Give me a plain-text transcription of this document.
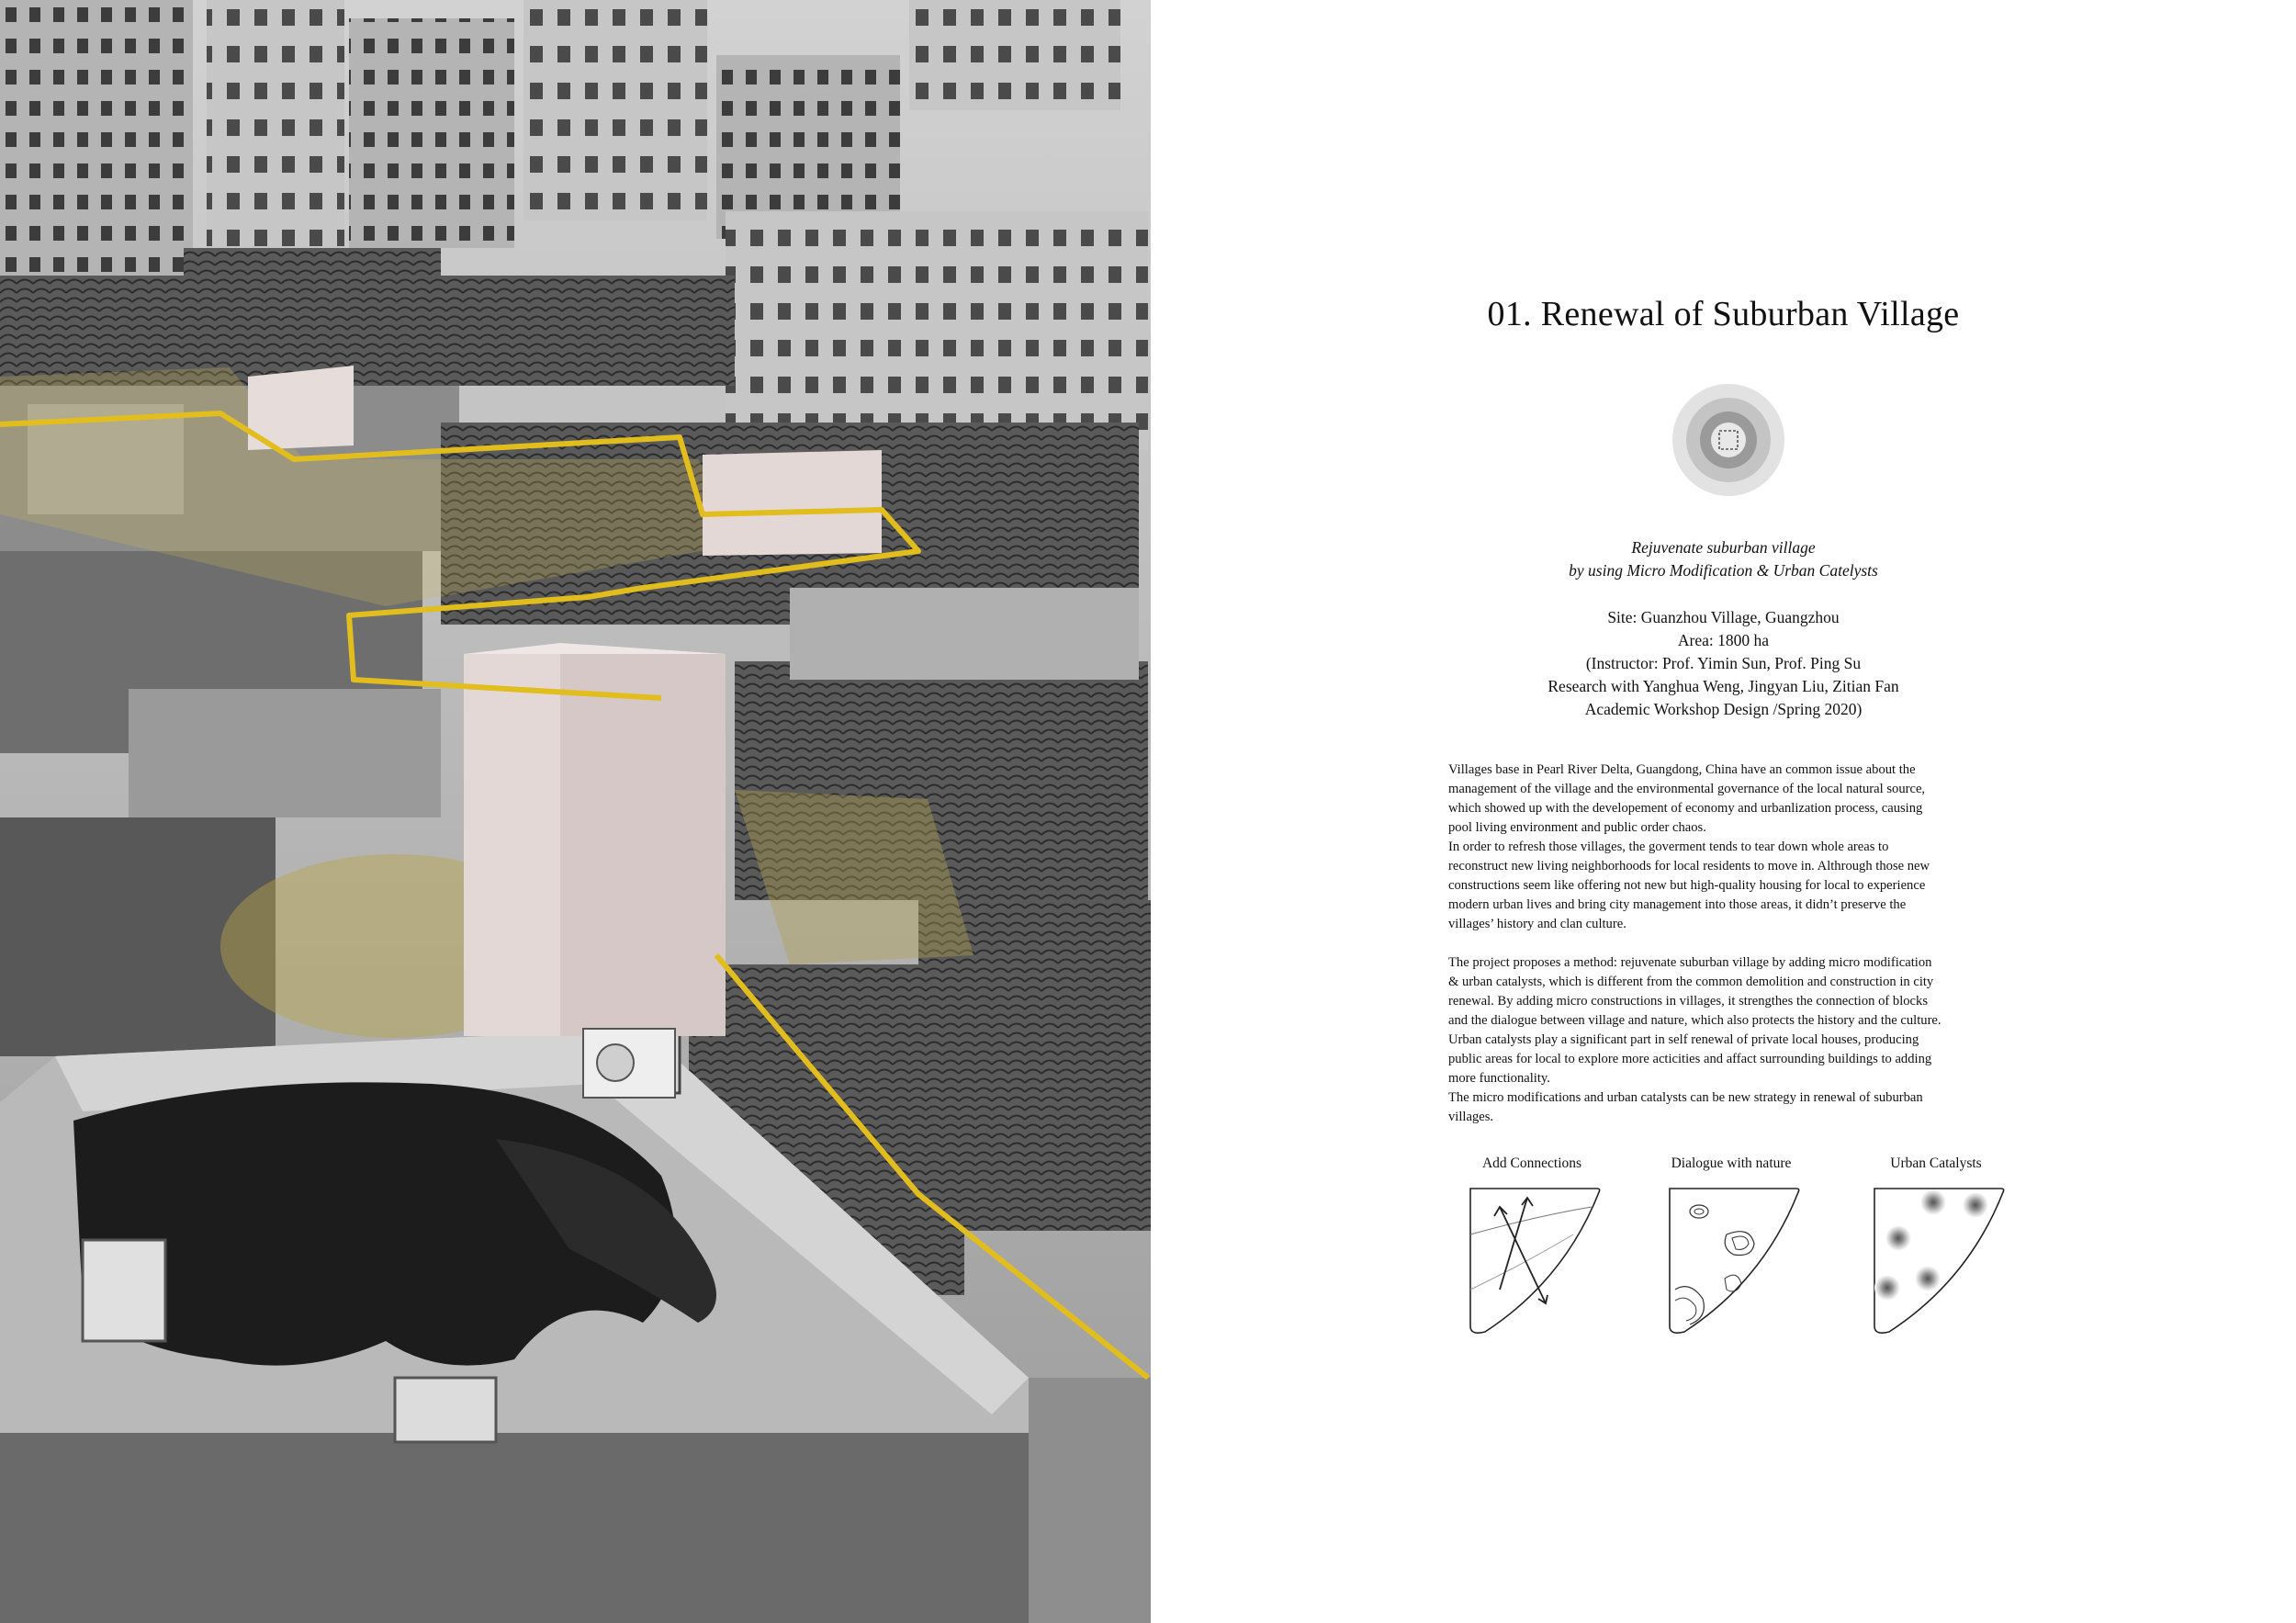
01. Renewal of Suburban Village
Rejuvenate suburban village
by using Micro Modification & Urban Catelysts
Site: Guanzhou Village, Guangzhou
Area: 1800 ha
(Instructor: Prof. Yimin Sun, Prof. Ping Su
Research with Yanghua Weng, Jingyan Liu, Zitian Fan
Academic Workshop Design /Spring 2020)

Villages base in Pearl River Delta, Guangdong, China have an common issue about the

management of the village and the environmental governance of the local natural source,

which showed up with the developement of economy and urbanlization process, causing

pool living environment and public order chaos.

In order to refresh those villages, the goverment tends to tear down whole areas to

reconstruct new living neighborhoods for local residents to move in. Althrough those new

constructions seem like offering not new but high-quality housing for local to experience

modern urban lives and bring city management into those areas, it didn’t preserve the

villages’ history and clan culture.

The project proposes a method: rejuvenate suburban village by adding micro modification

& urban catalysts, which is different from the common demolition and construction in city

renewal. By adding micro constructions in villages, it strengthes the connection of blocks

and the dialogue between village and nature, which also protects the history and the culture.

Urban catalysts play a significant part in self renewal of private local houses, producing

public areas for local to explore more acticities and affact surrounding buildings to adding

more functionality.

The micro modifications and urban catalysts can be new strategy in renewal of suburban

villages.

Add Connections	Dialogue with nature	Urban Catalysts
